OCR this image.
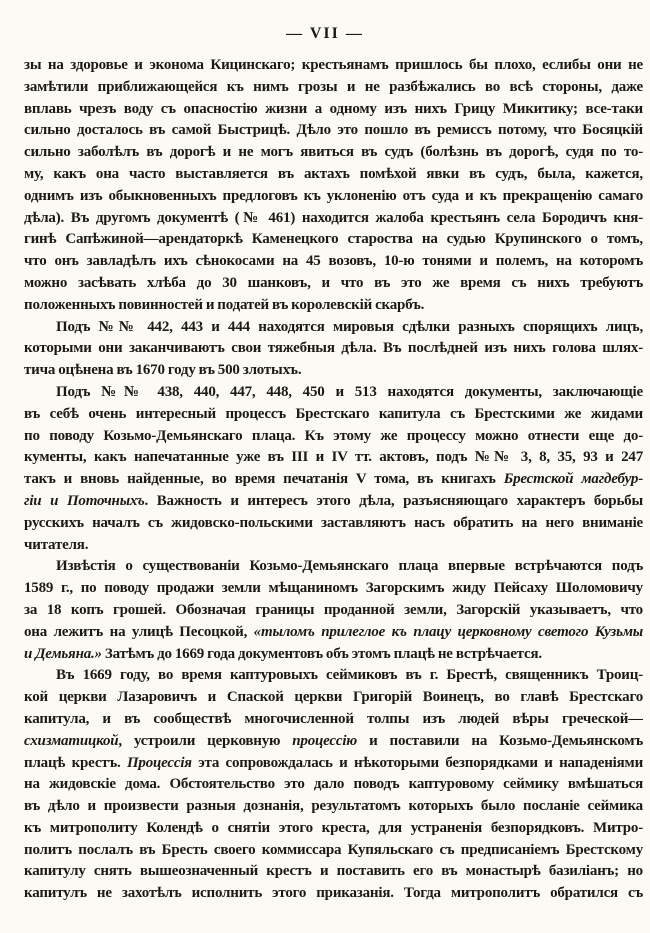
— VII —
зы на здоровье и эконома Кицинскаго; крестьянамъ пришлось бы плохо, еслибы они не
замѣтили приближающейся къ нимъ грозы и не разбѣжались во всѣ стороны, даже
вплавь чрезъ воду съ опасностію жизни а одному изъ нихъ Грицу Микитику; все-таки
сильно досталось въ самой Быстрицѣ. Дѣло это пошло въ ремиссъ потому, что Босяцкій
сильно заболѣлъ въ дорогѣ и не могъ явиться въ судъ (болѣзнь въ дорогѣ, судя по то-
му, какъ она часто выставляется въ актахъ помѣхой явки въ судъ, была, кажется,
однимъ изъ обыкновенныхъ предлоговъ къ уклоненію отъ суда и къ прекращенію самаго
дѣла). Въ другомъ документѣ (№ 461) находится жалоба крестьянъ села Бородичъ кня-
гинѣ Сапѣжиной—арендаторкѣ Каменецкого староства на судью Крупинского о томъ,
что онъ завладѣлъ ихъ сѣнокосами на 45 возовъ, 10-ю тонями и полемъ, на которомъ
можно засѣвать хлѣба до 30 шанковъ, и что въ это же время съ нихъ требуютъ
положенныхъ повинностей и податей въ королевскій скарбъ.
Подъ №№ 442, 443 и 444 находятся мировыя сдѣлки разныхъ спорящихъ лицъ,
которыми они заканчиваютъ свои тяжебныя дѣла. Въ послѣдней изъ нихъ голова шлях-
тича оцѣнена въ 1670 году въ 500 злотыхъ.
Подъ №№ 438, 440, 447, 448, 450 и 513 находятся документы, заключающіе
въ себѣ очень интересный процессъ Брестскаго капитула съ Брестскими же жидами
по поводу Козьмо-Демьянскаго плаца. Къ этому же процессу можно отнести еще до-
кументы, какъ напечатанные уже въ III и IV тт. актовъ, подъ №№ 3, 8, 35, 93 и 247
такъ и вновь найденные, во время печатанія V тома, въ книгахъ Брестской магдебур-
гіи и Поточныхъ. Важность и интересъ этого дѣла, разъясняющаго характеръ борьбы
русскихъ началъ съ жидовско-польскими заставляютъ насъ обратить на него вниманіе
читателя.
Извѣстія о существованіи Козьмо-Демьянскаго плаца впервые встрѣчаются подъ
1589 г., по поводу продажи земли мѣщаниномъ Загорскимъ жиду Пейсаху Шоломовичу
за 18 копъ грошей. Обозначая границы проданной земли, Загорскій указываетъ, что
она лежитъ на улицѣ Песоцкой, «тыломъ прилеглое къ плацу церковному светого Кузьмы
и Демьяна.» Затѣмъ до 1669 года документовъ объ этомъ плацѣ не встрѣчается.
Въ 1669 году, во время каптуровыхъ сеймиковъ въ г. Брестѣ, священникъ Троиц-
кой церкви Лазаровичъ и Спаской церкви Григорій Воинецъ, во главѣ Брестскаго
капитула, и въ сообществѣ многочисленной толпы изъ людей вѣры греческой—
схизматицкой, устроили церковную процессію и поставили на Козьмо-Демьянскомъ
плацѣ крестъ. Процессія эта сопровождалась и нѣкоторыми безпорядками и нападеніями
на жидовскіе дома. Обстоятельство это дало поводъ каптуровому сеймику вмѣшаться
въ дѣло и произвести разныя дознанія, результатомъ которыхъ было посланіе сеймика
къ митрополиту Колендѣ о снятіи этого креста, для устраненія безпорядковъ. Митро-
политъ послалъ въ Бресть своего коммиссара Купяльскаго съ предписаніемъ Брестскому
капитулу снять вышеозначенный крестъ и поставить его въ монастырѣ базиліанъ; но
капитулъ не захотѣлъ исполнить этого приказанія. Тогда митрополитъ обратился съ
